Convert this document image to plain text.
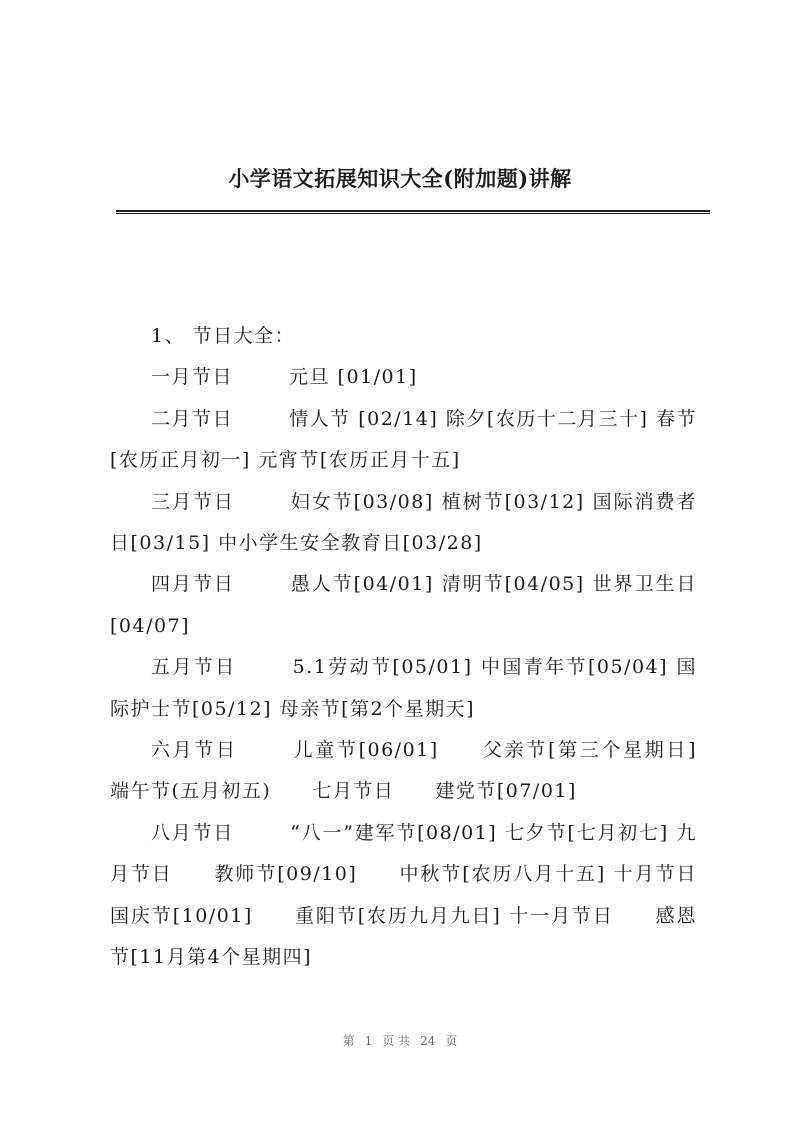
小学语文拓展知识大全(附加题)讲解

1、 节日大全：

一月节日	元旦 [01/01]

二月节日	情人节 [02/14] 除夕[农历十二月三十] 春节[农历正月初一] 元宵节[农历正月十五]

三月节日	妇女节[03/08] 植树节[03/12] 国际消费者日[03/15] 中小学生安全教育日[03/28]

四月节日	愚人节[04/01] 清明节[04/05] 世界卫生日[04/07]

五月节日	5.1劳动节[05/01] 中国青年节[05/04] 国际护士节[05/12] 母亲节[第2个星期天]

六月节日	儿童节[06/01]　　父亲节[第三个星期日] 端午节(五月初五)　　七月节日　　建党节[07/01]

八月节日	“八一”建军节[08/01] 七夕节[七月初七] 九月节日　　教师节[09/10]　　中秋节[农历八月十五] 十月节日　　国庆节[10/01]　　重阳节[农历九月九日] 十一月节日　　感恩节[11月第4个星期四]

第 1 页 共 24 页
